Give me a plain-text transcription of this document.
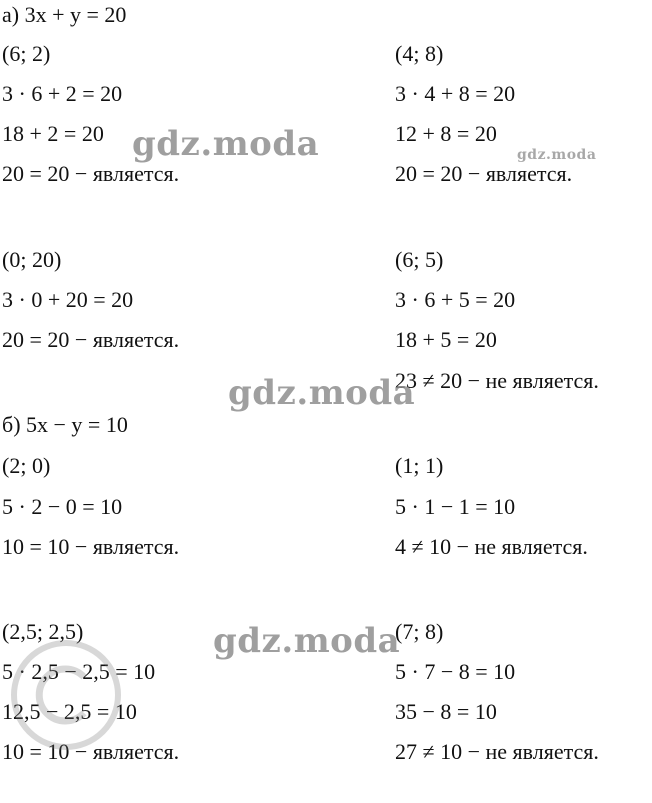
а) 3x + y = 20
(6; 2)
3 · 6 + 2 = 20
18 + 2 = 20
20 = 20 − является.
(4; 8)
3 · 4 + 8 = 20
12 + 8 = 20
20 = 20 − является.
(0; 20)
3 · 0 + 20 = 20
20 = 20 − является.
(6; 5)
3 · 6 + 5 = 20
18 + 5 = 20
23 ≠ 20 − не является.
б) 5x − y = 10
(2; 0)
5 · 2 − 0 = 10
10 = 10 − является.
(1; 1)
5 · 1 − 1 = 10
4 ≠ 10 − не является.
(2,5; 2,5)
5 · 2,5 − 2,5 = 10
12,5 − 2,5 = 10
10 = 10 − является.
(7; 8)
5 · 7 − 8 = 10
35 − 8 = 10
27 ≠ 10 − не является.
gdz.moda	gdz.moda
gdz.moda
gdz.moda
